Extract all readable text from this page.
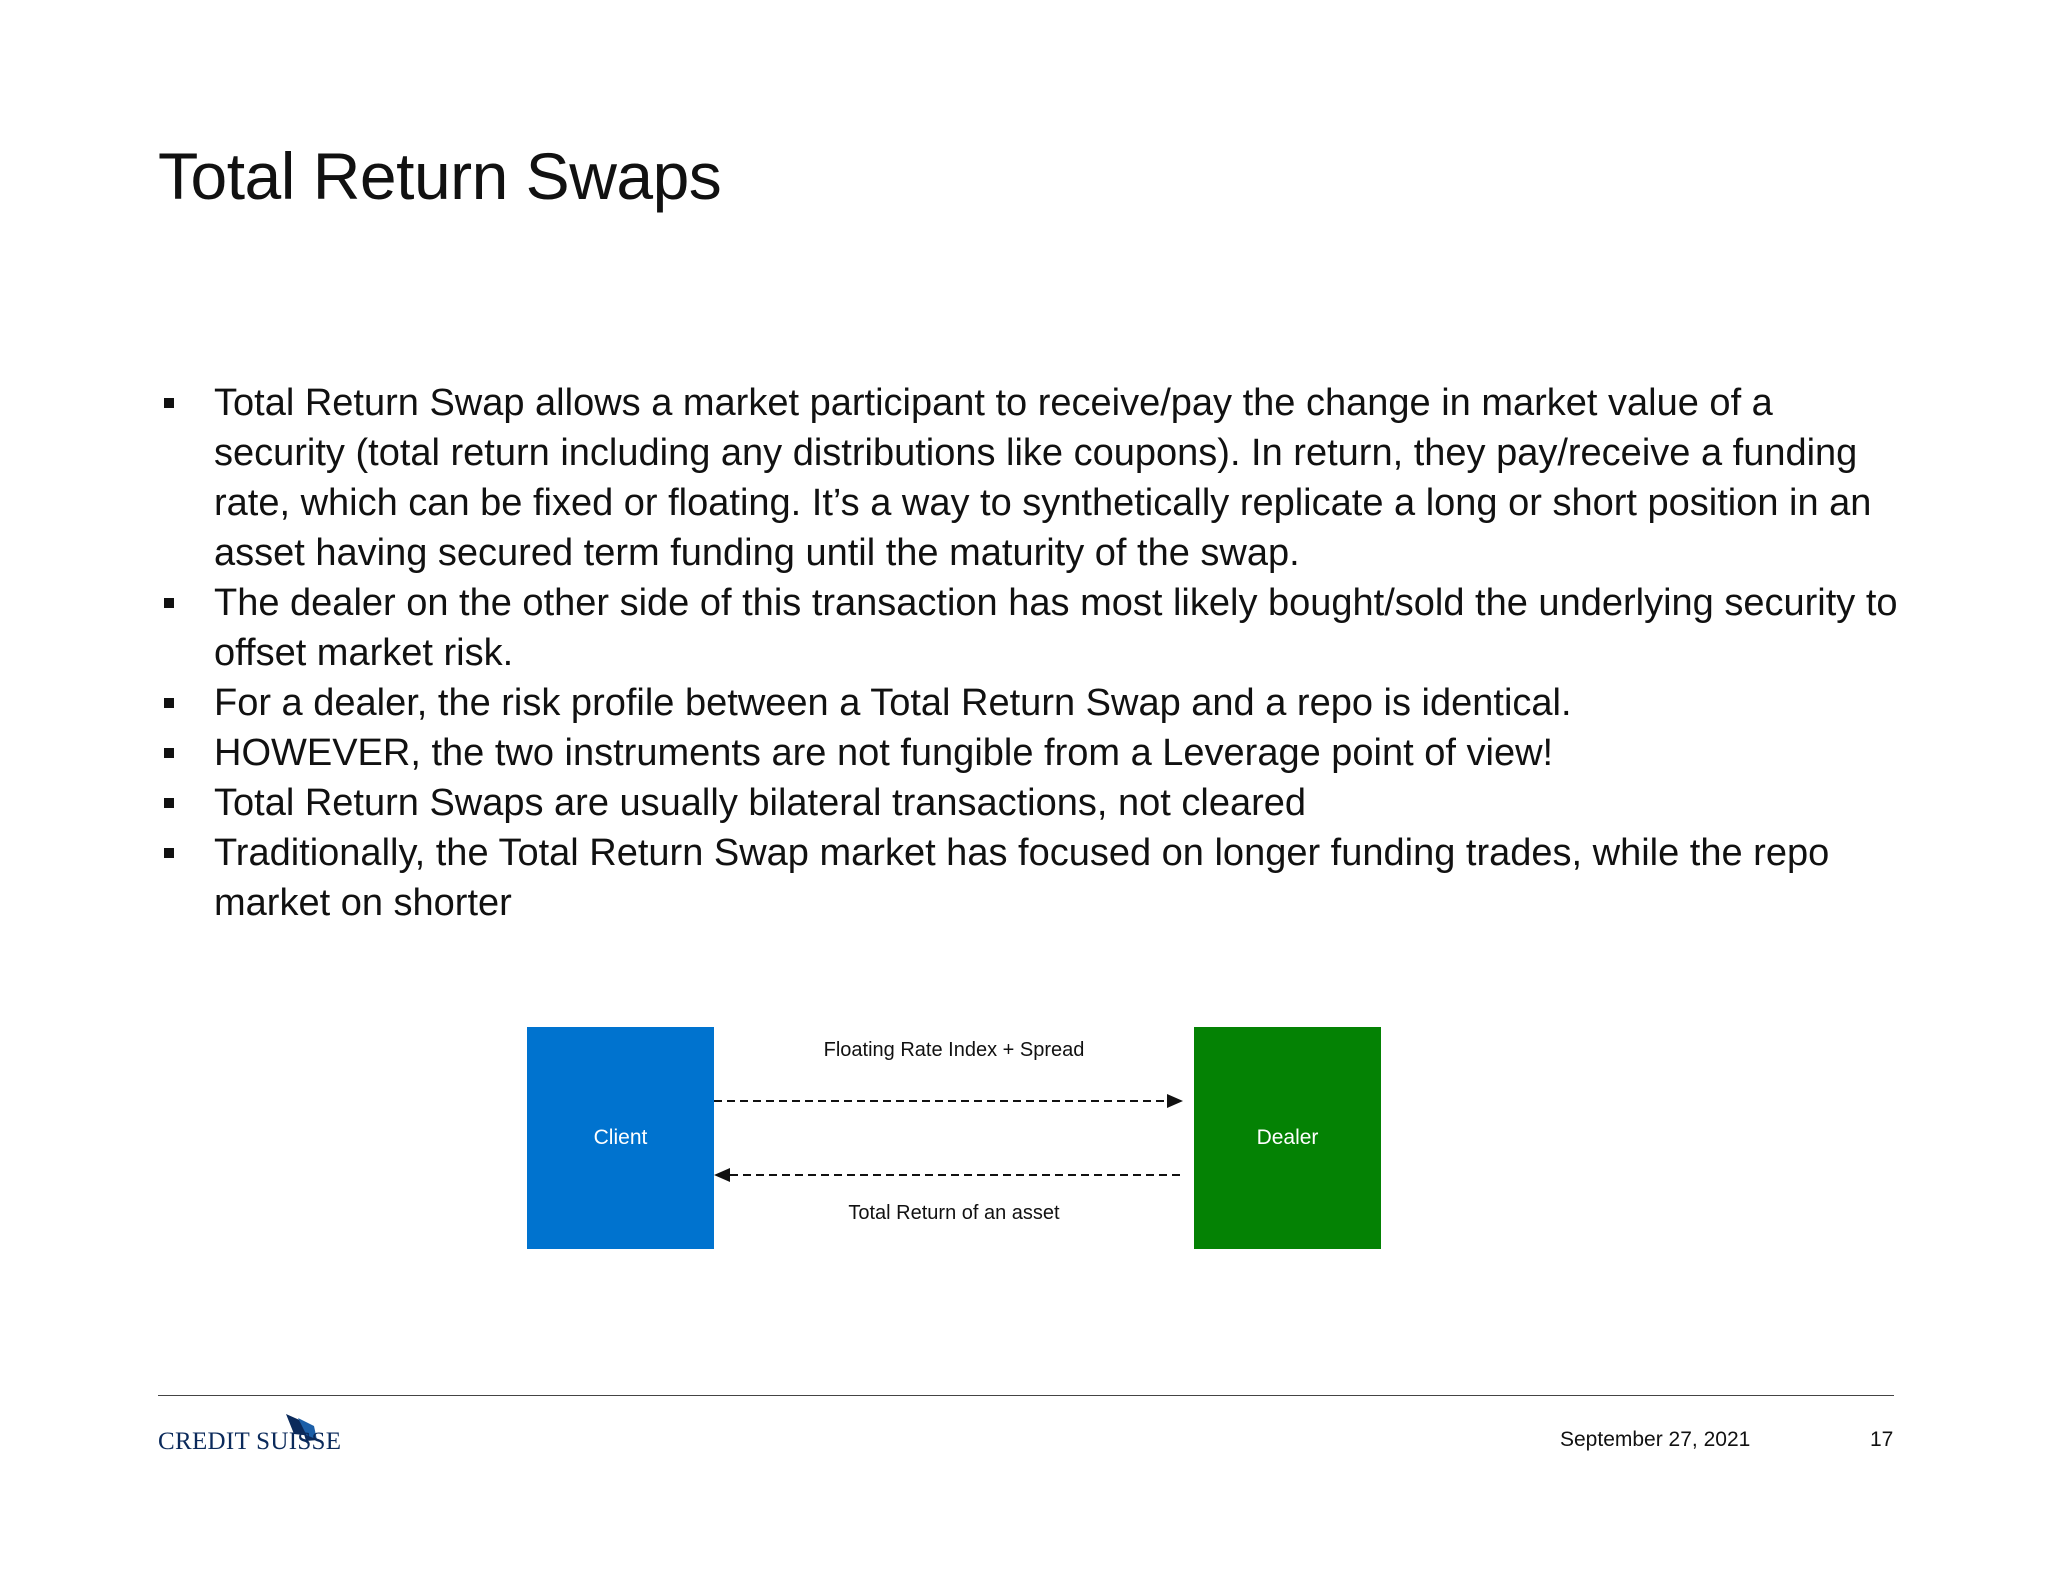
Total Return Swaps
Total Return Swap allows a market participant to receive/pay the change in market value of a security (total return including any distributions like coupons). In return, they pay/receive a funding rate, which can be fixed or floating. It’s a way to synthetically replicate a long or short position in an asset having secured term funding until the maturity of the swap.
The dealer on the other side of this transaction has most likely bought/sold the underlying security to offset market risk.
For a dealer, the risk profile between a Total Return Swap and a repo is identical.
HOWEVER, the two instruments are not fungible from a Leverage point of view!
Total Return Swaps are usually bilateral transactions, not cleared
Traditionally, the Total Return Swap market has focused on longer funding trades, while the repo market on shorter
Client	Dealer
Floating Rate Index + Spread
Total Return of an asset
CREDIT SUISSE	September 27, 2021	17
